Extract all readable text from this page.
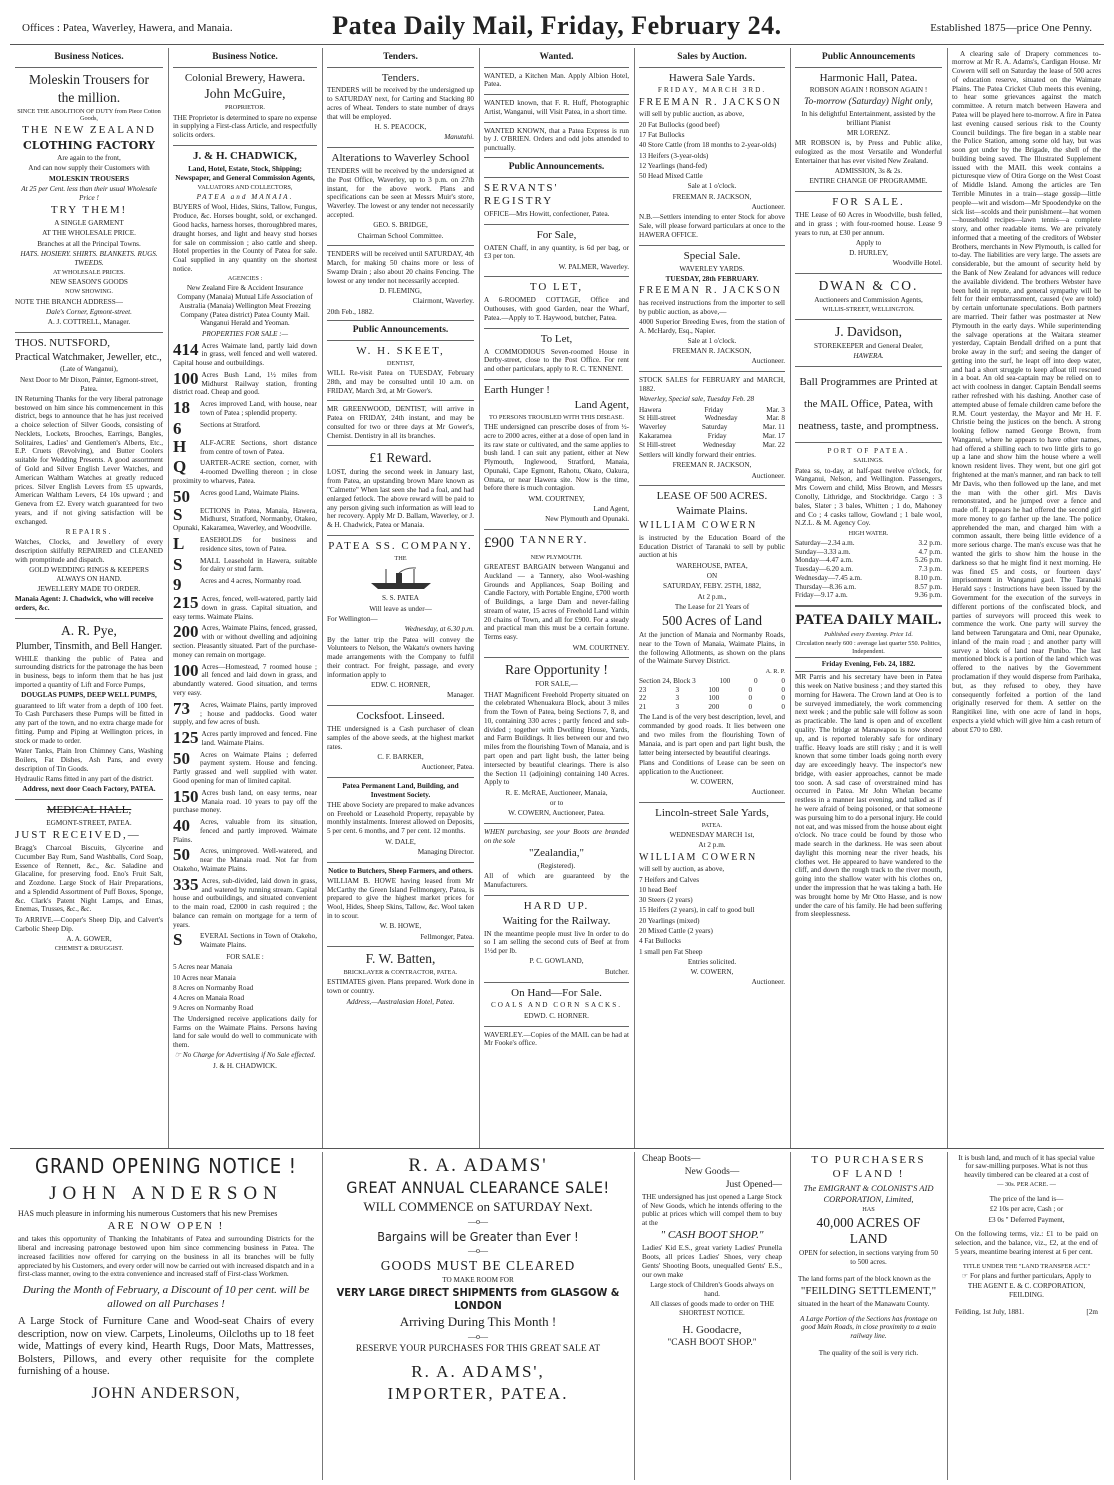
Offices : Patea, Waverley, Hawera, and Manaia.	Patea Daily Mail, Friday, February 24.	Established 1875—price One Penny.
Business Notices.

Moleskin Trousers for

the million.

SINCE THE ABOLITION OF DUTY from Piece Cotton Goods,

THE NEW ZEALAND

CLOTHING FACTORY

Are again to the front,

And can now supply their Customers with

MOLESKIN TROUSERS

At 25 per Cent. less than their usual Wholesale Price !

TRY THEM!

A SINGLE GARMENT

AT THE WHOLESALE PRICE.

Branches at all the Principal Towns.

HATS. HOSIERY. SHIRTS. BLANKETS. RUGS. TWEEDS.

AT WHOLESALE PRICES.

NEW SEASON'S GOODS

NOW SHOWING.

NOTE THE BRANCH ADDRESS—

Dale's Corner, Egmont-street.

A. J. COTTRELL, Manager.

THOS. NUTSFORD,

Practical Watchmaker, Jeweller, etc.,

(Late of Wanganui),

Next Door to Mr Dixon, Painter, Egmont-street, Patea.

IN Returning Thanks for the very liberal patronage bestowed on him since his commencement in this district, begs to announce that he has just received a choice selection of Silver Goods, consisting of Necklets, Lockets, Brooches, Earrings, Bangles, Solitaires, Ladies' and Gentlemen's Alberts, Etc., E.P. Cruets (Revolving), and Butter Coolers suitable for Wedding Presents. A good assortment of Gold and Silver English Lever Watches, and American Waltham Watches at greatly reduced prices. Silver English Levers from £5 upwards, American Waltham Levers, £4 10s upward ; and Geneva from £2. Every watch guaranteed for two years, and if not giving satisfaction will be exchanged.

REPAIRS.

Watches, Clocks, and Jewellery of every description skilfully REPAIRED and CLEANED with promptitude and dispatch.

GOLD WEDDING RINGS & KEEPERS ALWAYS ON HAND.

JEWELLERY MADE TO ORDER.

Manaia Agent: J. Chadwick, who will receive orders, &c.

A. R. Pye,

Plumber, Tinsmith, and Bell Hanger.

WHILE thanking the public of Patea and surrounding districts for the patronage the has been in business, begs to inform them that he has just imported a quantity of Lift and Force Pumps,

DOUGLAS PUMPS, DEEP WELL PUMPS,

guaranteed to lift water from a depth of 100 feet. To Cash Purchasers these Pumps will be fitted in any part of the town, and no extra charge made for fitting. Pump and Piping at Wellington prices, in stock or made to order.

Water Tanks, Plain Iron Chimney Cans, Washing Boilers, Fat Dishes, Ash Pans, and every description of Tin Goods.

Hydraulic Rams fitted in any part of the district.

Address, next door Coach Factory, PATEA.

MEDICAL HALL,

EGMONT-STREET, PATEA.

JUST RECEIVED,—

Bragg's Charcoal Biscuits, Glycerine and Cucumber Bay Rum, Sand Washballs, Cord Soap, Essence of Rennett, &c., &c. Saladine and Glacaline, for preserving food. Eno's Fruit Salt, and Zozdone. Large Stock of Hair Preparations, and a Splendid Assortment of Puff Boxes, Sponge, &c. Clark's Patent Night Lamps, and Etnas, Enemas, Trusses, &c., &c.

To ARRIVE.—Cooper's Sheep Dip, and Calvert's Carbolic Sheep Dip.

A. A. GOWER,

CHEMIST & DRUGGIST.

Business Notice.

Colonial Brewery, Hawera.

John McGuire,

PROPRIETOR.

THE Proprietor is determined to spare no expense in supplying a First-class Article, and respectfully solicits orders.

J. & H. CHADWICK,

Land, Hotel, Estate, Stock, Shipping; Newspaper, and General Commission Agents,

VALUATORS AND COLLECTORS,

PATEA and MANAIA.

BUYERS of Wool, Hides, Skins, Tallow, Fungus, Produce, &c. Horses bought, sold, or exchanged. Good hacks, harness horses, thoroughbred mares, draught horses, and light and heavy stud horses for sale on commission ; also cattle and sheep. Hotel properties in the County of Patea for sale. Coal supplied in any quantity on the shortest notice.

AGENCIES :

New Zealand Fire & Accident Insurance Company (Manaia) Mutual Life Association of Australia (Manaia) Wellington Meat Freezing Company (Patea district) Patea County Mail. Wanganui Herald and Yeoman.

PROPERTIES FOR SALE :—

414 Acres Waimate land, partly laid down in grass, well fenced and well watered. Capital house and outbuildings.
100 Acres Bush Land, 1½ miles from Midhurst Railway station, fronting district road. Cheap and good.
18	Acres improved Land, with house, near town of Patea ; splendid property.
6	Sections at Stratford.
H	ALF-ACRE Sections, short distance from centre of town of Patea.
Q	UARTER-ACRE section, corner, with 4-roomed Dwelling thereon ; in close proximity to wharves, Patea.
50	Acres good Land, Waimate Plains.
S	ECTIONS in Patea, Manaia, Hawera, Midhurst, Stratford, Normanby, Otakeo, Opunaki, Kakaramea, Waverley, and Woodville.
L	EASEHOLDS for business and residence sites, town of Patea.
S	MALL Leasehold in Hawera, suitable for dairy or stud farm.
9	Acres and 4 acres, Normanby road.
215 Acres, fenced, well-watered, partly laid down in grass. Capital situation, and easy terms. Waimate Plains.
200 Acres, Waimate Plains, fenced, grassed, with or without dwelling and adjoining section. Pleasantly situated. Part of the purchase-money can remain on mortgage.
100 Acres—Homestead, 7 roomed house ; all fenced and laid down in grass, and abundantly watered. Good situation, and terms very easy.
73	Acres, Waimate Plains, partly improved ; house and paddocks. Good water supply, and few acres of bush.
125 Acres partly improved and fenced. Fine land. Waimate Plains.
50	Acres on Waimate Plains ; deferred payment system. House and fencing. Partly grassed and well supplied with water. Good opening for man of limited capital.
150 Acres bush land, on easy terms, near Manaia road. 10 years to pay off the purchase money.
40	Acres, valuable from its situation, fenced and partly improved. Waimate Plains.
50	Acres, unimproved. Well-watered, and near the Manaia road. Not far from Otakeho, Waimate Plains.
335 Acres, sub-divided, laid down in grass, and watered by running stream. Capital house and outbuildings, and situated convenient to the main road, £2000 in cash required ; the balance can remain on mortgage for a term of years.
S	EVERAL Sections in Town of Otakeho, Waimate Plains.

FOR SALE :

5 Acres near Manaia

10 Acres near Manaia

8 Acres on Normanby Road

4 Acres on Manaia Road

9 Acres on Normanby Road

The Undersigned receive applications daily for Farms on the Waimate Plains. Persons having land for sale would do well to communicate with them.

☞ No Charge for Advertising if No Sale effected.

J. & H. CHADWICK.

Tenders.

Tenders.

TENDERS will be received by the undersigned up to SATURDAY next, for Carting and Stacking 80 acres of Wheat. Tenders to state number of drays that will be employed.

H. S. PEACOCK,

Manutahi.

Alterations to Waverley School

TENDERS will be received by the undersigned at the Post Office, Waverley, up to 3 p.m. on 27th instant, for the above work. Plans and specifications can be seen at Messrs Muir's store, Waverley. The lowest or any tender not necessarily accepted.

GEO. S. BRIDGE,

Chairman School Committee.

TENDERS will be received until SATURDAY, 4th March, for making 50 chains more or less of Swamp Drain ; also about 20 chains Fencing. The lowest or any tender not necessarily accepted.

D. FLEMING,

Clairmont, Waverley.

20th Feb., 1882.

Public Announcements.

W. H. SKEET,

DENTIST,

WILL Re-visit Patea on TUESDAY, February 28th, and may be consulted until 10 a.m. on FRIDAY, March 3rd, at Mr Gower's.

MR GREENWOOD, DENTIST, will arrive in Patea on FRIDAY, 24th instant, and may be consulted for two or three days at Mr Gower's, Chemist. Dentistry in all its branches.

£1 Reward.

LOST, during the second week in January last, from Patea, an upstanding brown Mare known as "Calmette" When last seen she had a foal, and had enlarged fetlock. The above reward will be paid to any person giving such information as will lead to her recovery. Apply Mr D. Ballam, Waverley, or J. & H. Chadwick, Patea or Manaia.

PATEA SS. COMPANY.

THE

S. S. PATEA

Will leave as under—

For Wellington—

Wednesday, at 6.30 p.m.

By the latter trip the Patea will convey the Volunteers to Nelson, the Wakatu's owners having made arrangements with the Company to fulfil their contract. For freight, passage, and every information apply to

EDW. C. HORNER,

Manager.

Cocksfoot. Linseed.

THE undersigned is a Cash purchaser of clean samples of the above seeds, at the highest market rates.

C. F. BARKER,

Auctioneer, Patea.

Patea Permanent Land, Building, and Investment Society.

THE above Society are prepared to make advances on Freehold or Leasehold Property, repayable by monthly instalments. Interest allowed on Deposits, 5 per cent. 6 months, and 7 per cent. 12 months.

W. DALE,

Managing Director.

Notice to Butchers, Sheep Farmers, and others.

WILLIAM B. HOWE having leased from Mr McCarthy the Green Island Fellmongery, Patea, is prepared to give the highest market prices for Wool, Hides, Sheep Skins, Tallow, &c. Wool taken in to scour.

W. B. HOWE,

Fellmonger, Patea.

F. W. Batten,

BRICKLAYER & CONTRACTOR, PATEA.

ESTIMATES given. Plans prepared. Work done in town or country.

Address,—Australasian Hotel, Patea.

Wanted.

WANTED, a Kitchen Man. Apply Albion Hotel, Patea.

WANTED known, that F. R. Huff, Photographic Artist, Wanganui, will Visit Patea, in a short time.

WANTED KNOWN, that a Patea Express is run by J. O'BRIEN. Orders and odd jobs attended to punctually.

Public Announcements.

SERVANTS' REGISTRY

OFFICE—Mrs Howitt, confectioner, Patea.

For Sale,

OATEN Chaff, in any quantity, is 6d per bag, or £3 per ton.

W. PALMER, Waverley.

TO LET,

A 6-ROOMED COTTAGE, Office and Outhouses, with good Garden, near the Wharf, Patea.—Apply to T. Haywood, butcher, Patea.

To Let,

A COMMODIOUS Seven-roomed House in Derby-street, close to the Post Office. For rent and other particulars, apply to R. C. TENNENT.

Earth Hunger !

Land Agent,

TO PERSONS TROUBLED WITH THIS DISEASE.

THE undersigned can prescribe doses of from ½-acre to 2000 acres, either at a dose of open land in its raw state or cultivated, and the same applies to bush land. I can suit any patient, either at New Plymouth, Inglewood, Stratford, Manaia, Opunaki, Cape Egmont, Rahotu, Okato, Oakura, Omata, or near Hawera site. Now is the time, before there is much contagion.

WM. COURTNEY,

Land Agent,

New Plymouth and Opunaki.

£900 TANNERY.

NEW PLYMOUTH.

GREATEST BARGAIN between Wanganui and Auckland — a Tannery, also Wool-washing Grounds and Appliances, Soap Boiling and Candle Factory, with Portable Engine, £700 worth of Buildings, a large Dam and never-failing stream of water, 15 acres of Freehold Land within 20 chains of Town, and all for £900. For a steady and practical man this must be a certain fortune. Terms easy.

WM. COURTNEY.

Rare Opportunity !

FOR SALE,—

THAT Magnificent Freehold Property situated on the celebrated Whenuakura Block, about 3 miles from the Town of Patea, being Sections 7, 8, and 10, containing 330 acres ; partly fenced and sub-divided ; together with Dwelling House, Yards, and Farm Buildings. It lies between our and two miles from the flourishing Town of Manaia, and is part open and part light bush, the latter being intersected by beautiful clearings. There is also the Section 11 (adjoining) containing 140 Acres. Apply to

R. E. McRAE, Auctioneer, Manaia,

or to

W. COWERN, Auctioneer, Patea.

WHEN purchasing, see your Boots are branded on the sole

"Zealandia,"

(Registered).

All of which are guaranteed by the Manufacturers.

HARD UP.

Waiting for the Railway.

IN the meantime people must live In order to do so I am selling the second cuts of Beef at from 1½d per lb.

P. C. GOWLAND,

Butcher.

On Hand—For Sale.

COALS AND CORN SACKS.

EDWD. C. HORNER.

WAVERLEY.—Copies of the MAIL can be had at Mr Fooke's office.

Sales by Auction.

Hawera Sale Yards.

FRIDAY, MARCH 3RD.

FREEMAN R. JACKSON

will sell by public auction, as above,

20 Fat Bullocks (good beef)

17 Fat Bullocks

40 Store Cattle (from 18 months to 2-year-olds)

13 Heifers (3-year-olds)

12 Yearlings (hand-fed)

50 Head Mixed Cattle

Sale at 1 o'clock.

FREEMAN R. JACKSON,

Auctioneer.

N.B.—Settlers intending to enter Stock for above Sale, will please forward particulars at once to the HAWERA OFFICE.

Special Sale.

WAVERLEY YARDS.

TUESDAY, 28th FEBRUARY.

FREEMAN R. JACKSON

has received instructions from the importer to sell by public auction, as above,—

4000 Superior Breeding Ewes, from the station of A. McHardy, Esq., Napier.

Sale at 1 o'clock.

FREEMAN R. JACKSON,

Auctioneer.

STOCK SALES for FEBRUARY and MARCH, 1882.

Waverley, Special sale, Tuesday Feb. 28

Hawera	Friday	Mar. 3
St Hill-street	Wednesday	Mar. 8
Waverley	Saturday	Mar. 11
Kakaramea	Friday	Mar. 17
St Hill-street	Wednesday	Mar. 22

Settlers will kindly forward their entries.

FREEMAN R. JACKSON,

Auctioneer.

LEASE OF 500 ACRES.

Waimate Plains.

WILLIAM COWERN

is instructed by the Education Board of the Education District of Taranaki to sell by public auction at his

WAREHOUSE, PATEA,

ON

SATURDAY, FEBY. 25TH, 1882,

At 2 p.m.,

The Lease for 21 Years of

500 Acres of Land

At the junction of Manaia and Normanby Roads, near to the Town of Manaia, Waimate Plains, in the following Allotments, as shown on the plans of the Waimate Survey District.

A. R. P.

Section 24, Block 3	100	0	0
23	3	100	0	0
22	3	100	0	0
21	3	200	0	0

The Land is of the very best description, level, and commanded by good roads. It lies between one and two miles from the flourishing Town of Manaia, and is part open and part light bush, the latter being intersected by beautiful clearings.

Plans and Conditions of Lease can be seen on application to the Auctioneer.

W. COWERN,

Auctioneer.

Lincoln-street Sale Yards,

PATEA.

WEDNESDAY MARCH 1st,

At 2 p.m.

WILLIAM COWERN

will sell by auction, as above,

7 Heifers and Calves

10 head Beef

30 Steers (2 years)

15 Heifers (2 years), in calf to good bull

20 Yearlings (mixed)

20 Mixed Cattle (2 years)

4 Fat Bullocks

1 small pen Fat Sheep

Entries solicited.

W. COWERN,

Auctioneer.

Public Announcements

Harmonic Hall, Patea.

ROBSON AGAIN ! ROBSON AGAIN !

To-morrow (Saturday) Night only,

In his delightful Entertainment, assisted by the brilliant Pianist

MR LORENZ.

MR ROBSON is, by Press and Public alike, eulogized as the most Versatile and Wonderful Entertainer that has ever visited New Zealand.

ADMISSION, 3s & 2s.

ENTIRE CHANGE OF PROGRAMME.

FOR SALE.

THE Lease of 60 Acres in Woodville, bush felled, and in grass ; with four-roomed house. Lease 9 years to run, at £30 per annum.

Apply to

D. HURLEY,

Woodville Hotel.

DWAN & CO.

Auctioneers and Commission Agents,

WILLIS-STREET, WELLINGTON.

J. Davidson,

STOREKEEPER and General Dealer,

HAWERA.

Ball Programmes are Printed at the MAIL Office, Patea, with neatness, taste, and promptness.

PORT OF PATEA.

SAILINGS.

Patea ss, to-day, at half-past twelve o'clock, for Wanganui, Nelson, and Wellington. Passengers, Mrs Cowern and child, Miss Brown, and Messrs Conolly, Lithridge, and Stockbridge. Cargo : 3 bales, Slater ; 3 bales, Whitten ; 1 do, Mahoney and Co ; 4 casks tallow, Gowland ; 1 bale wool, N.Z.L. & M. Agency Coy.

HIGH WATER.

Saturday—2.34 a.m.	3.2 p.m.
Sunday—3.33 a.m.	4.7 p.m.
Monday—4.47 a.m.	5.26 p.m.
Tuesday—6.20 a.m.	7.3 p.m.
Wednesday—7.45 a.m.	8.10 p.m.
Thursday—8.36 a.m.	8.57 p.m.
Friday—9.17 a.m.	9.36 p.m.

PATEA DAILY MAIL.

Published every Evening. Price 1d.

Circulation nearly 600 : average last quarter 550. Politics, Independent.

Friday Evening, Feb. 24, 1882.

MR Parris and his secretary have been in Patea this week on Native business ; and they started this morning for Hawera. The Crown land at Oeo is to be surveyed immediately, the work commencing next week ; and the public sale will follow as soon as practicable. The land is open and of excellent quality. The bridge at Manawapou is now shored up, and is reported tolerably safe for ordinary traffic. Heavy loads are still risky ; and it is well known that some timber loads going north every day are exceedingly heavy. The inspector's new bridge, with easier approaches, cannot be made too soon. A sad case of overstrained mind has occurred in Patea. Mr John Whelan became restless in a manner last evening, and talked as if he were afraid of being poisoned, or that someone was pursuing him to do a personal injury. He could not eat, and was missed from the house about eight o'clock. No trace could be found by those who made search in the darkness. He was seen about daylight this morning near the river heads, his clothes wet. He appeared to have wandered to the cliff, and down the rough track to the river mouth, going into the shallow water with his clothes on, under the impression that he was taking a bath. He was brought home by Mr Otto Hasse, and is now under the care of his family. He had been suffering from sleeplessness.

A clearing sale of Drapery commences to-morrow at Mr R. A. Adams's, Cardigan House. Mr Cowern will sell on Saturday the lease of 500 acres of education reserve, situated on the Waimate Plains. The Patea Cricket Club meets this evening, to hear some grievances against the match committee. A return match between Hawera and Patea will be played here to-morrow. A fire in Patea last evening caused serious risk to the County Council buildings. The fire began in a stable near the Police Station, among some old hay, but was soon got under by the Brigade, the shell of the building being saved. The Illustrated Supplement issued with the MAIL this week contains a picturesque view of Otira Gorge on the West Coast of Middle Island. Among the articles are Ten Terrible Minutes in a train—stage gossip—little people—wit and wisdom—Mr Spoodendyke on the sick list—scolds and their punishment—hat women—household recipes—lawn tennis—a complete story, and other readable items. We are privately informed that a meeting of the creditors of Webster Brothers, merchants in New Plymouth, is called for to-day. The liabilities are very large. The assets are considerable, but the amount of security held by the Bank of New Zealand for advances will reduce the available dividend. The brothers Webster have been held in repute, and general sympathy will be felt for their embarrassment, caused (we are told) by certain unfortunate speculations. Both partners are married. Their father was postmaster at New Plymouth in the early days. While superintending the salvage operations at the Waitara steamer yesterday, Captain Bendall drifted on a punt that broke away in the surf; and seeing the danger of getting into the surf, he leapt off into deep water, and had a short struggle to keep afloat till rescued in a boat. An old sea-captain may be relied on to act with coolness in danger. Captain Bendall seems rather refreshed with his dashing. Another case of attempted abuse of female children came before the R.M. Court yesterday, the Mayor and Mr H. F. Christie being the justices on the bench. A strong looking fellow named George Brown, from Wanganui, where he appears to have other names, had offered a shilling each to two little girls to go up a lane and show him the house where a well known resident lives. They went, but one girl got frightened at the man's manner, and ran back to tell Mr Davis, who then followed up the lane, and met the man with the other girl. Mrs Davis remonstrated, and he jumped over a fence and made off. It appears he had offered the second girl more money to go farther up the lane. The police apprehended the man, and charged him with a common assault, there being little evidence of a more serious charge. The man's excuse was that he wanted the girls to show him the house in the darkness so that he might find it next morning. He was fined £5 and costs, or fourteen days' imprisonment in Wanganui gaol. The Taranaki Herald says : Instructions have been issued by the Government for the execution of the surveys in different portions of the confiscated block, and parties of surveyors will proceed this week to commence the work. One party will survey the land between Tarungatara and Omi, near Opunake, inland of the main road ; and another party will survey a block of land near Punibo. The last mentioned block is a portion of the land which was offered to the natives by the Government proclamation if they would disperse from Parihaka, but, as they refused to obey, they have consequently forfeited a portion of the land originally reserved for them. A settler on the Rangitikei line, with one acre of land in hops, expects a yield which will give him a cash return of about £70 to £80.

GRAND OPENING NOTICE !

JOHN ANDERSON

HAS much pleasure in informing his numerous Customers that his new Premises

ARE NOW OPEN !

and takes this opportunity of Thanking the Inhabitants of Patea and surrounding Districts for the liberal and increasing patronage bestowed upon him since commencing business in Patea. The increased facilities now offered for carrying on the business in all its branches will be fully appreciated by his Customers, and every order will now be carried out with increased dispatch and in a first-class manner, owing to the extra convenience and increased staff of First-class Workmen.

During the Month of February, a Discount of 10 per cent. will be allowed on all Purchases !

A Large Stock of Furniture Cane and Wood-seat Chairs of every description, now on view. Carpets, Linoleums, Oilcloths up to 18 feet wide, Mattings of every kind, Hearth Rugs, Door Mats, Mattresses, Bolsters, Pillows, and every other requisite for the complete furnishing of a house.

JOHN ANDERSON,

R. A. ADAMS'

GREAT ANNUAL CLEARANCE SALE!

WILL COMMENCE on SATURDAY Next.

—o—

Bargains will be Greater than Ever !

—o—

GOODS MUST BE CLEARED

TO MAKE ROOM FOR

VERY LARGE DIRECT SHIPMENTS from GLASGOW & LONDON

Arriving During This Month !

—o—

RESERVE YOUR PURCHASES FOR THIS GREAT SALE AT

R. A. ADAMS',

IMPORTER, PATEA.

Cheap Boots—

New Goods—

Just Opened—

THE undersigned has just opened a Large Stock of New Goods, which he intends offering to the public at prices which will compel them to buy at the

" CASH BOOT SHOP."

Ladies' Kid E.S., great variety Ladies' Prunella Boots, all prices Ladies' Shoes, very cheap Gents' Shooting Boots, unequalled Gents' E.S., our own make

Large stock of Children's Goods always on hand.

All classes of goods made to order on THE SHORTEST NOTICE.

H. Goodacre,

"CASH BOOT SHOP."

TO PURCHASERS

OF LAND !

The EMIGRANT & COLONIST'S AID CORPORATION, Limited,

HAS

40,000 ACRES OF LAND

OPEN for selection, in sections varying from 50 to 500 acres.

The land forms part of the block known as the

"FEILDING SETTLEMENT,"

situated in the heart of the Manawatu County.

A Large Portion of the Sections has frontage on good Main Roads, in close proximity to a main railway line.

The quality of the soil is very rich.

It is bush land, and much of it has special value for saw-milling purposes. What is not thus heavily timbered can be cleared at a cost of

— 30s. PER ACRE. —

The price of the land is—

£2 10s per acre, Cash ; or

£3 0s " Deferred Payment,

On the following terms, viz.: £1 to be paid on selection, and the balance, viz., £2, at the end of 5 years, meantime bearing interest at 6 per cent.

TITLE UNDER THE "LAND TRANSFER ACT."

☞ For plans and further particulars, Apply to

THE AGENT E. & C. CORPORATION, FEILDING.

Feilding, 1st July, 1881.	[2m
